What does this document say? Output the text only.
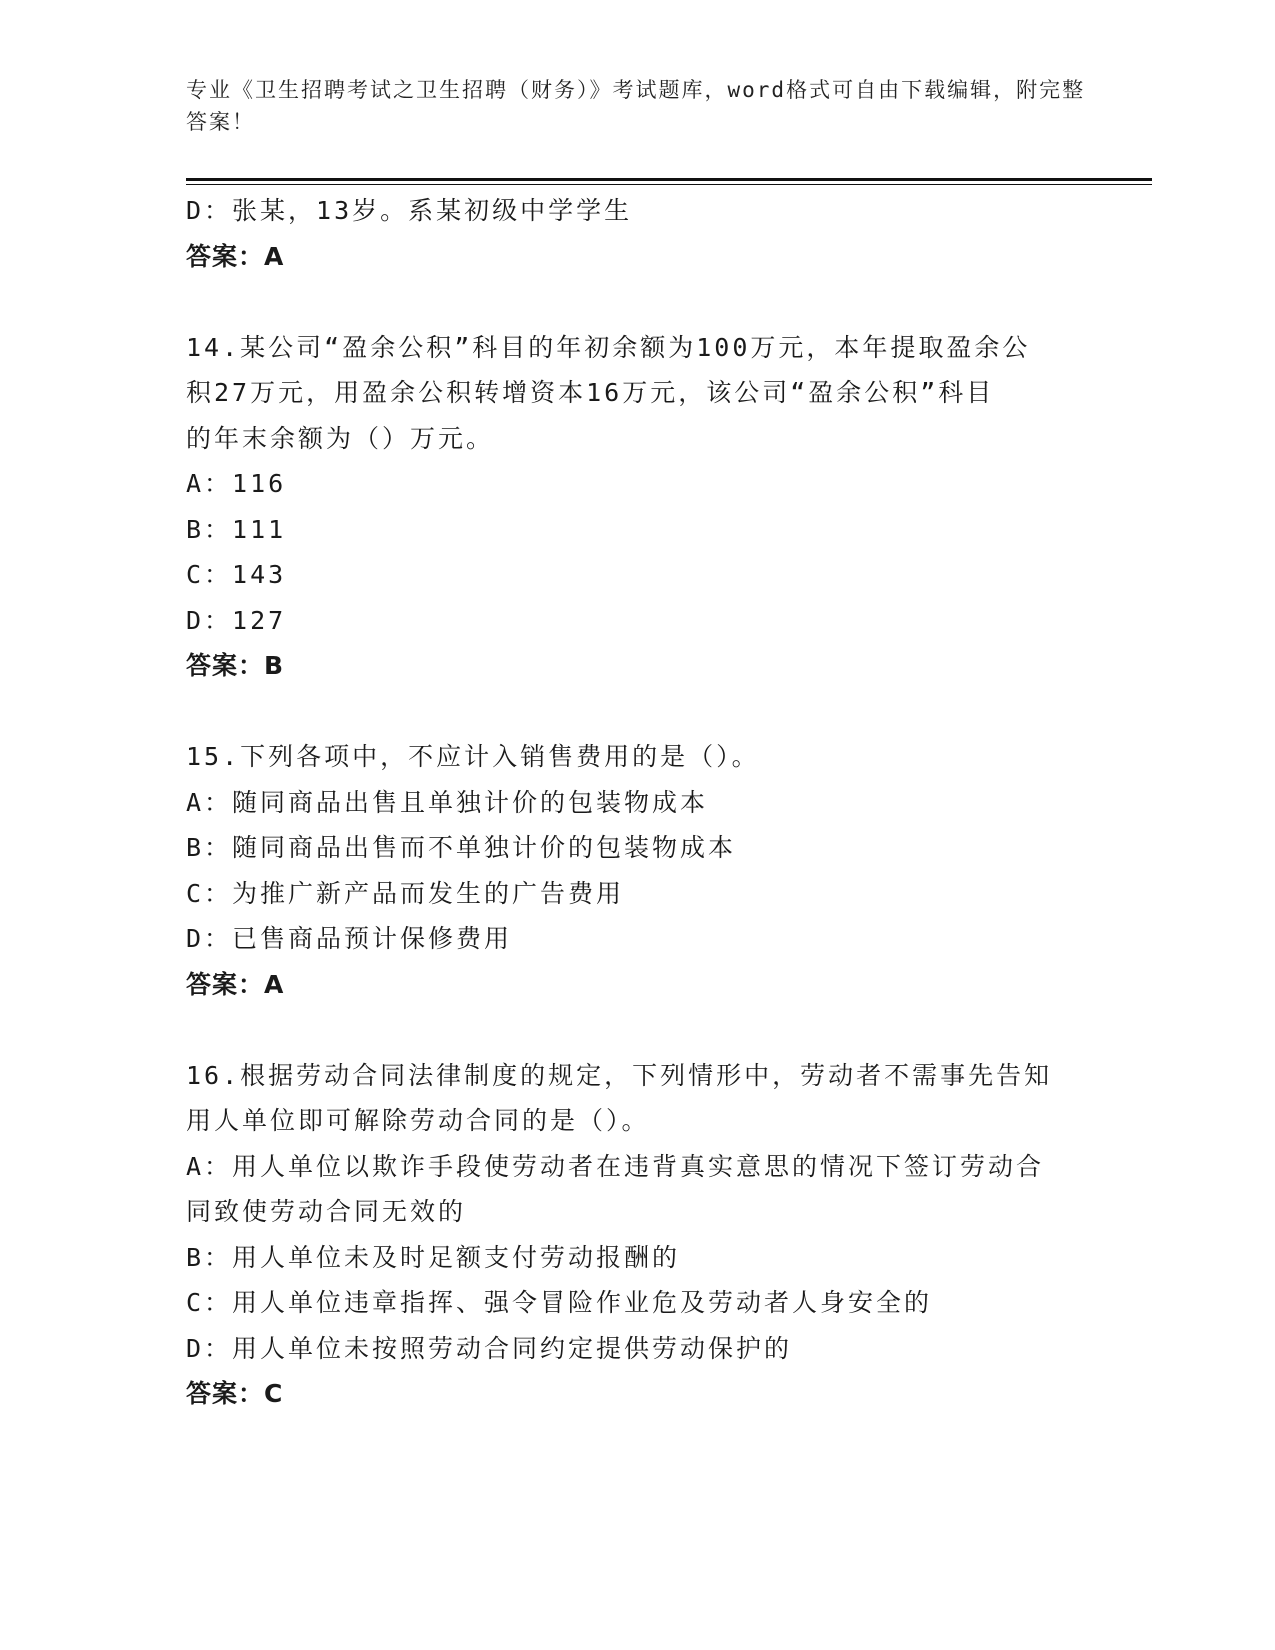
专业《卫生招聘考试之卫生招聘（财务）》考试题库，word格式可自由下载编辑，附完整答案！
D：张某，13岁。系某初级中学学生
答案：A
14.某公司“盈余公积”科目的年初余额为100万元，本年提取盈余公
积27万元，用盈余公积转增资本16万元，该公司“盈余公积”科目
的年末余额为（）万元。
A：116
B：111
C：143
D：127
答案：B
15.下列各项中，不应计入销售费用的是（）。
A：随同商品出售且单独计价的包装物成本
B：随同商品出售而不单独计价的包装物成本
C：为推广新产品而发生的广告费用
D：已售商品预计保修费用
答案：A
16.根据劳动合同法律制度的规定，下列情形中，劳动者不需事先告知
用人单位即可解除劳动合同的是（）。
A：用人单位以欺诈手段使劳动者在违背真实意思的情况下签订劳动合
同致使劳动合同无效的
B：用人单位未及时足额支付劳动报酬的
C：用人单位违章指挥、强令冒险作业危及劳动者人身安全的
D：用人单位未按照劳动合同约定提供劳动保护的
答案：C
